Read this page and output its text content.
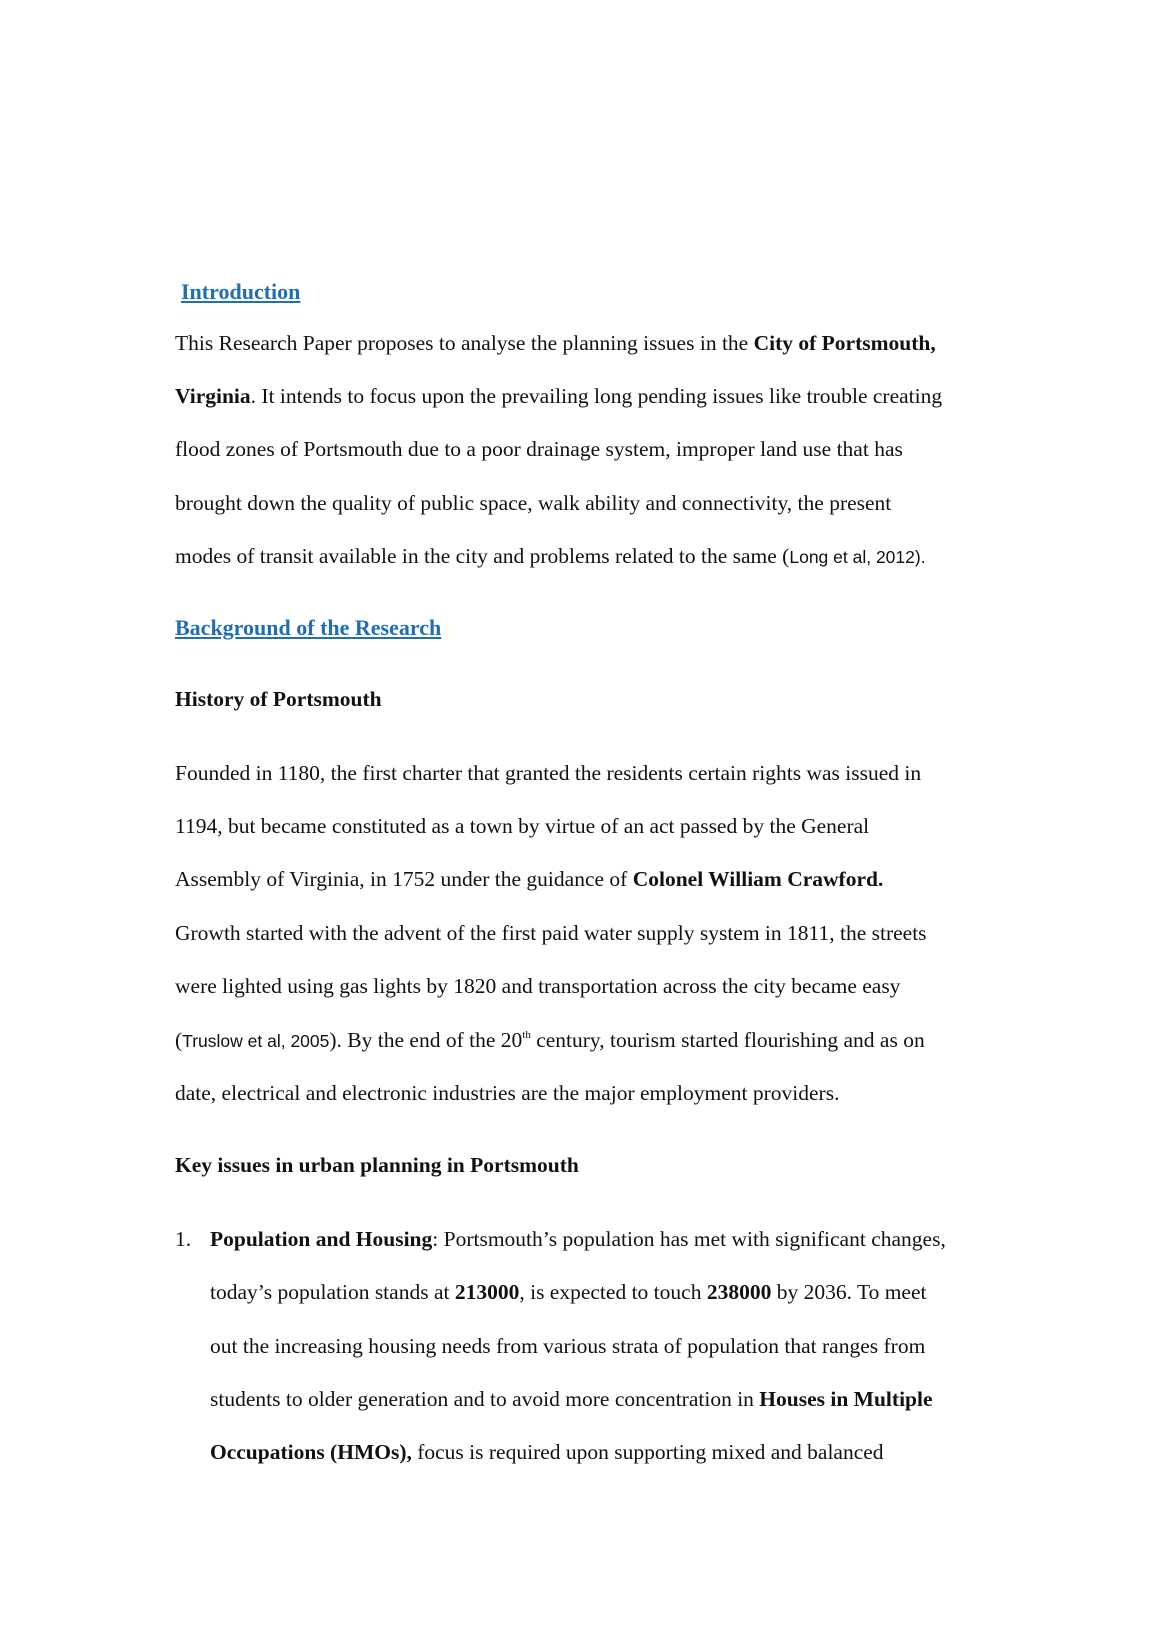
Introduction
This Research Paper proposes to analyse the planning issues in the City of Portsmouth,
Virginia. It intends to focus upon the prevailing long pending issues like trouble creating
flood zones of Portsmouth due to a poor drainage system, improper land use that has
brought down the quality of public space, walk ability and connectivity, the present
modes of transit available in the city and problems related to the same (Long et al, 2012).
Background of the Research
History of Portsmouth
Founded in 1180, the first charter that granted the residents certain rights was issued in
1194, but became constituted as a town by virtue of an act passed by the General
Assembly of Virginia, in 1752 under the guidance of Colonel William Crawford.
Growth started with the advent of the first paid water supply system in 1811, the streets
were lighted using gas lights by 1820 and transportation across the city became easy
(Truslow et al, 2005). By the end of the 20th century, tourism started flourishing and as on
date, electrical and electronic industries are the major employment providers.
Key issues in urban planning in Portsmouth
1. Population and Housing: Portsmouth’s population has met with significant changes,
today’s population stands at 213000, is expected to touch 238000 by 2036. To meet
out the increasing housing needs from various strata of population that ranges from
students to older generation and to avoid more concentration in Houses in Multiple
Occupations (HMOs), focus is required upon supporting mixed and balanced
